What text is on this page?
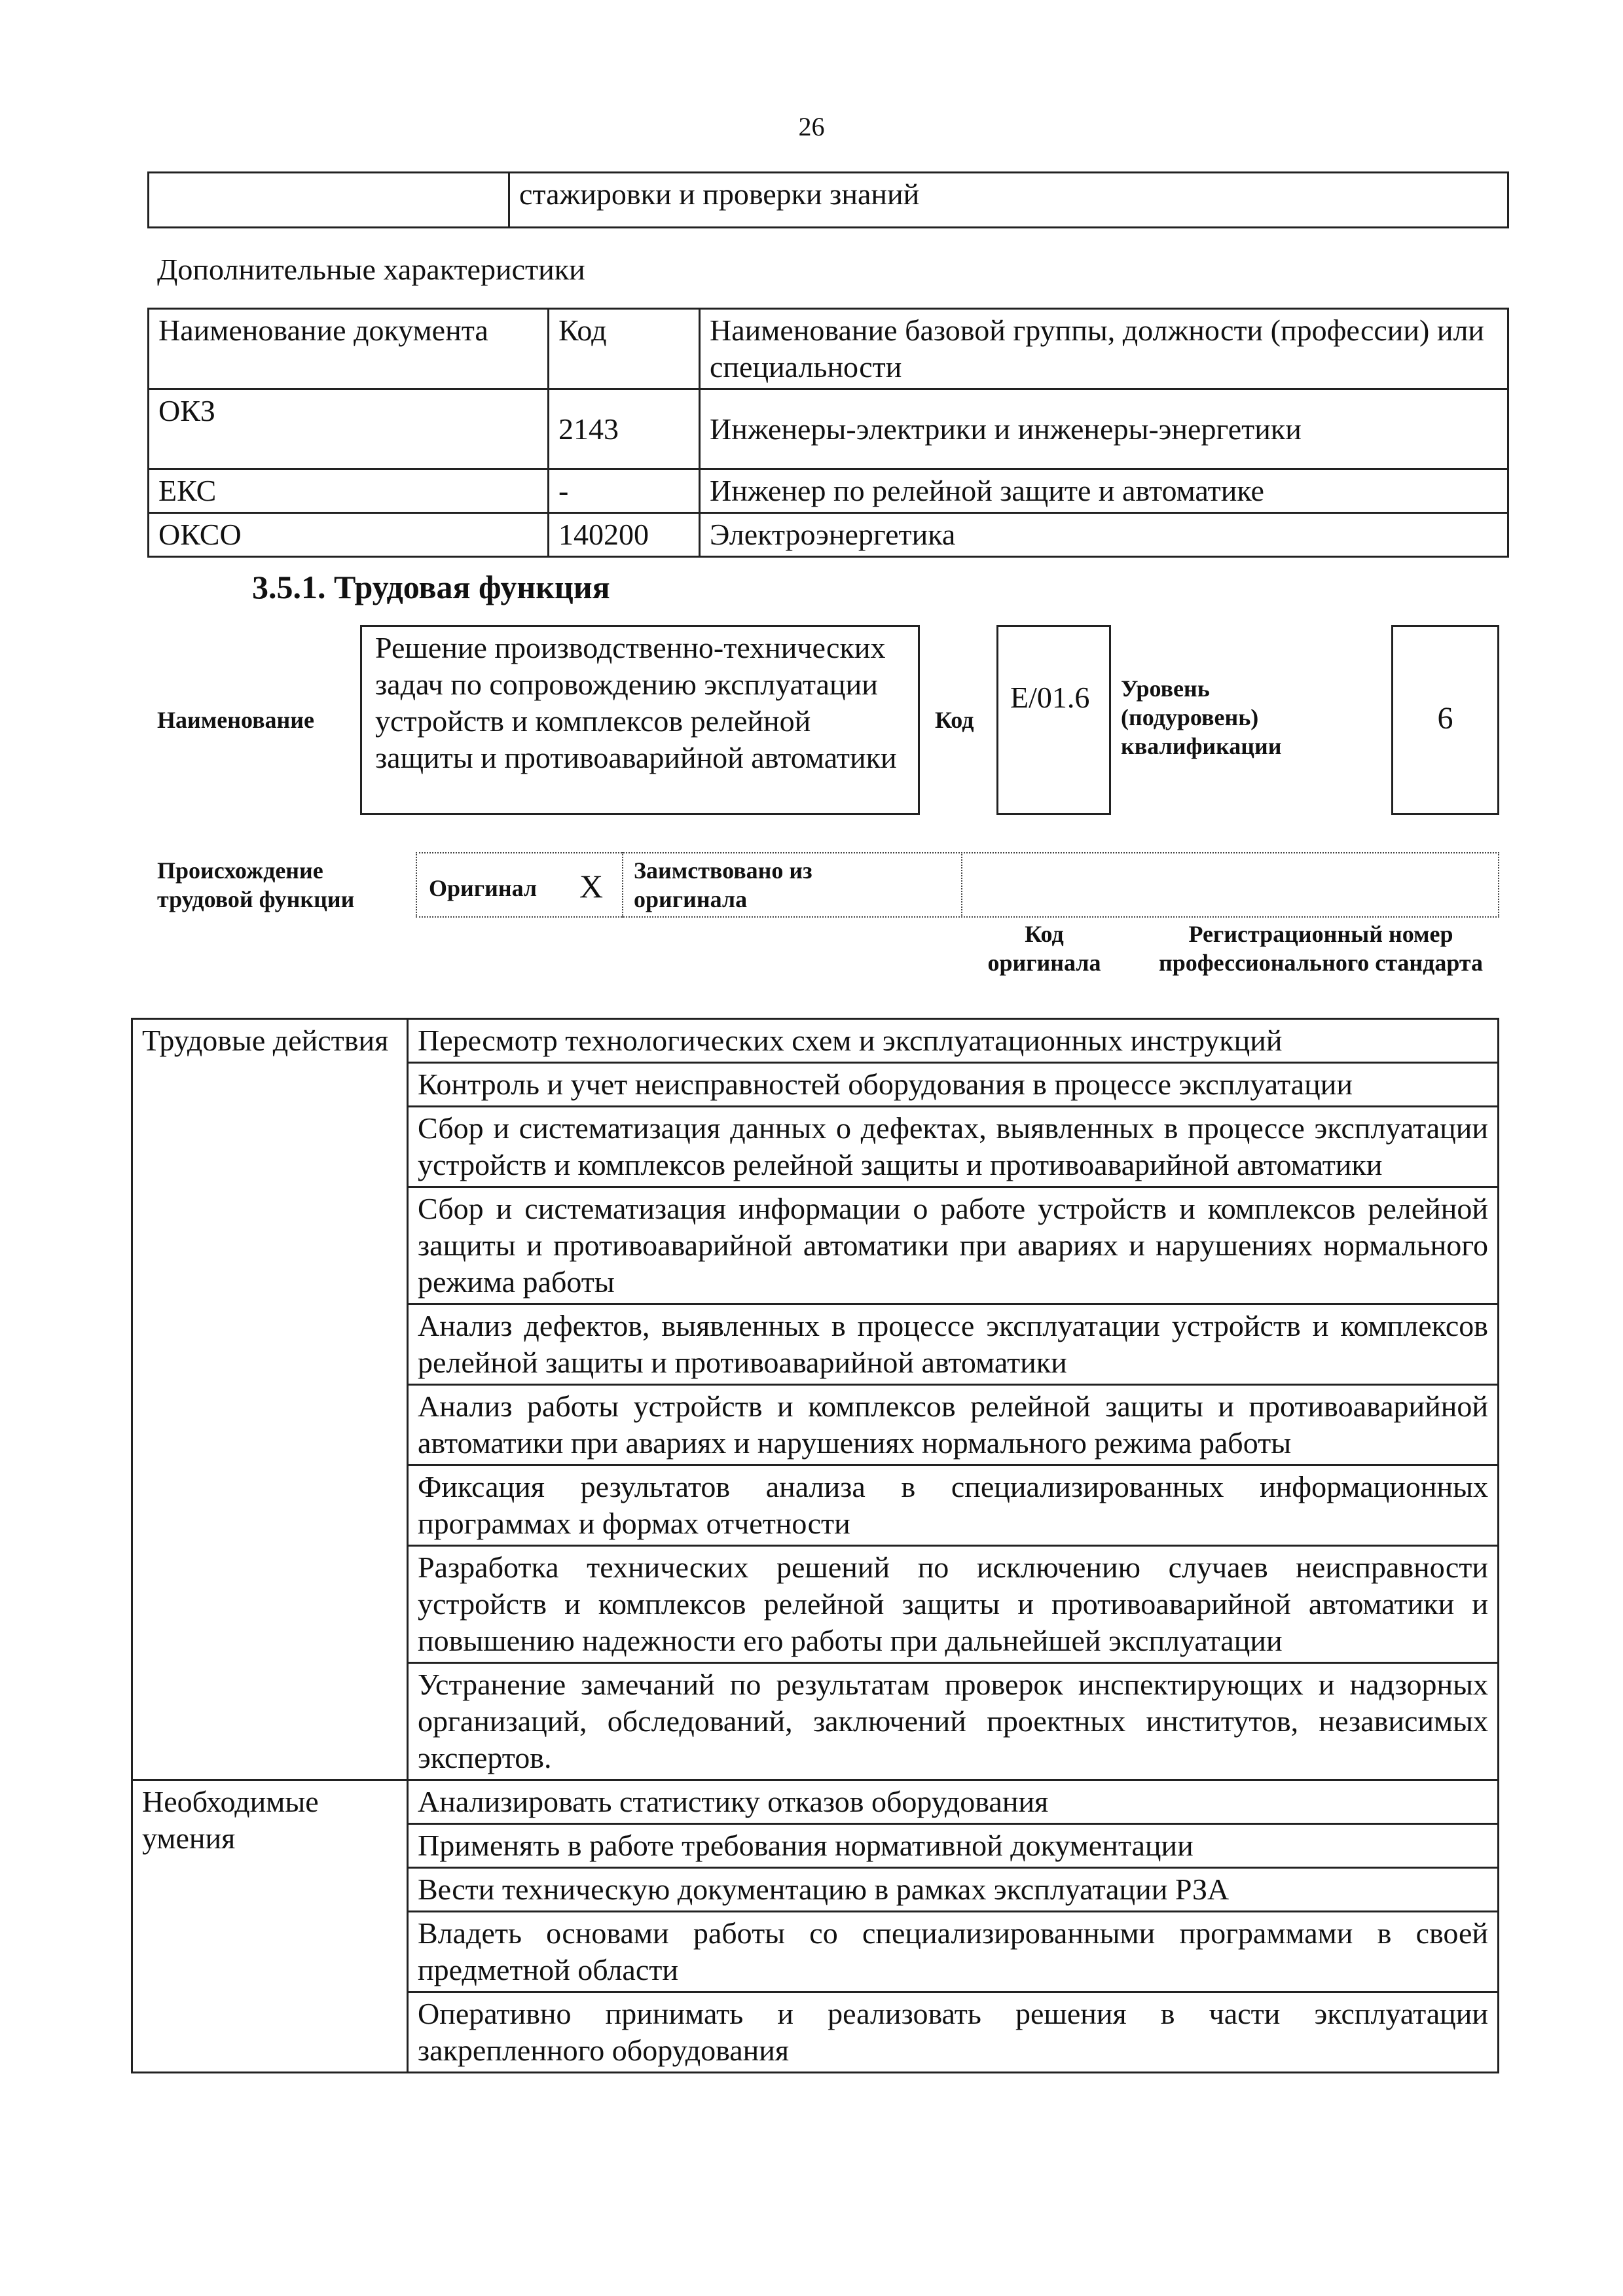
26
	стажировки и проверки знаний
Дополнительные характеристики
Наименование документа	Код	Наименование базовой группы, должности (профессии) или специальности
ОКЗ	2143	Инженеры-электрики и инженеры-энергетики
ЕКС	-	Инженер по релейной защите и автоматике
ОКСО	140200	Электроэнергетика
3.5.1. Трудовая функция
Наименование
Решение производственно-технических задач по сопровождению эксплуатации устройств и комплексов релейной защиты и противоаварийной автоматики
Код
E/01.6	Уровень (подуровень) квалификации
6
Происхождение трудовой функции	Оригинал X Заимствовано из оригинала
Код оригинала
Регистрационный номер профессионального стандарта
Трудовые действия	Пересмотр технологических схем и эксплуатационных инструкций
	Контроль и учет неисправностей оборудования в процессе эксплуатации
	Сбор и систематизация данных о дефектах, выявленных в процессе эксплуатации устройств и комплексов релейной защиты и противоаварийной автоматики
	Сбор и систематизация информации о работе устройств и комплексов релейной защиты и противоаварийной автоматики при авариях и нарушениях нормального режима работы
	Анализ дефектов, выявленных в процессе эксплуатации устройств и комплексов релейной защиты и противоаварийной автоматики
	Анализ работы устройств и комплексов релейной защиты и противоаварийной автоматики при авариях и нарушениях нормального режима работы
	Фиксация результатов анализа в специализированных информационных программах и формах отчетности
	Разработка технических решений по исключению случаев неисправности устройств и комплексов релейной защиты и противоаварийной автоматики и повышению надежности его работы при дальнейшей эксплуатации
	Устранение замечаний по результатам проверок инспектирующих и надзорных организаций, обследований, заключений проектных институтов, независимых экспертов.
Необходимые умения	Анализировать статистику отказов оборудования
	Применять в работе требования нормативной документации
	Вести техническую документацию в рамках эксплуатации РЗА
	Владеть основами работы со специализированными программами в своей предметной области
	Оперативно принимать и реализовать решения в части эксплуатации закрепленного оборудования
